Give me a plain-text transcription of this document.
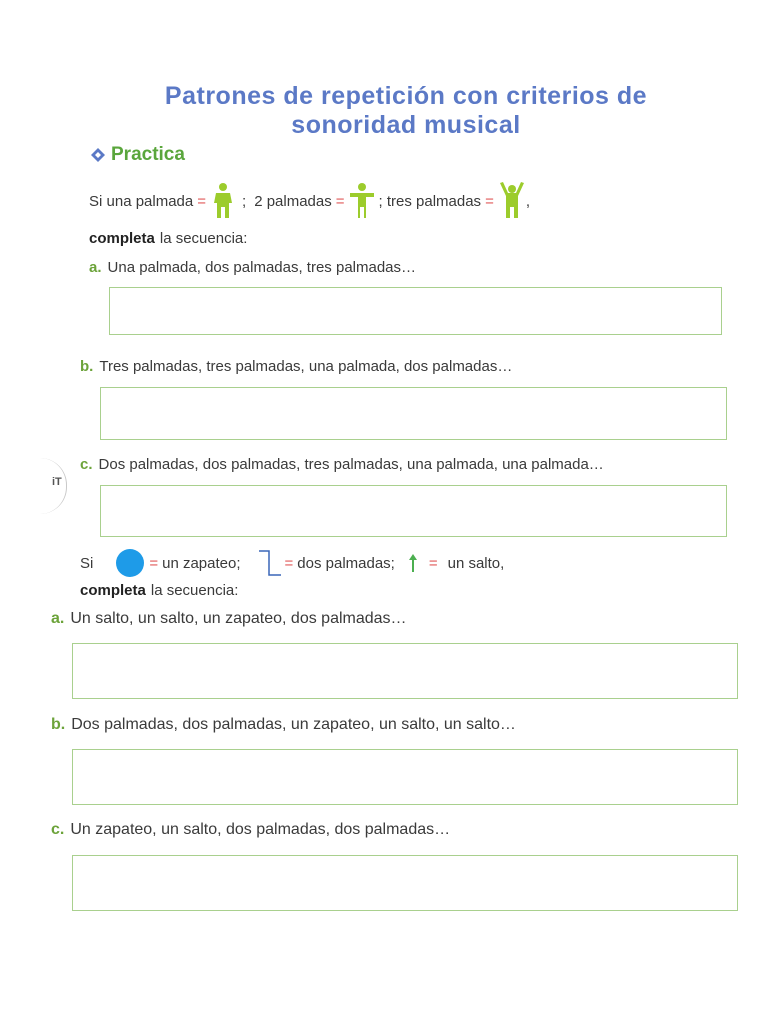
Patrones de repetición con criterios de
sonoridad musical
Practica
Si una palmada = ; 2 palmadas = ; tres palmadas = ,
completa la secuencia:
a. Una palmada, dos palmadas, tres palmadas…
b. Tres palmadas, tres palmadas, una palmada, dos palmadas…
iT
c. Dos palmadas, dos palmadas, tres palmadas, una palmada, una palmada…
Si	= un zapateo;	= dos palmadas; = un salto,
completa la secuencia:
a. Un salto, un salto, un zapateo, dos palmadas…
b. Dos palmadas, dos palmadas, un zapateo, un salto, un salto…
c. Un zapateo, un salto, dos palmadas, dos palmadas…
